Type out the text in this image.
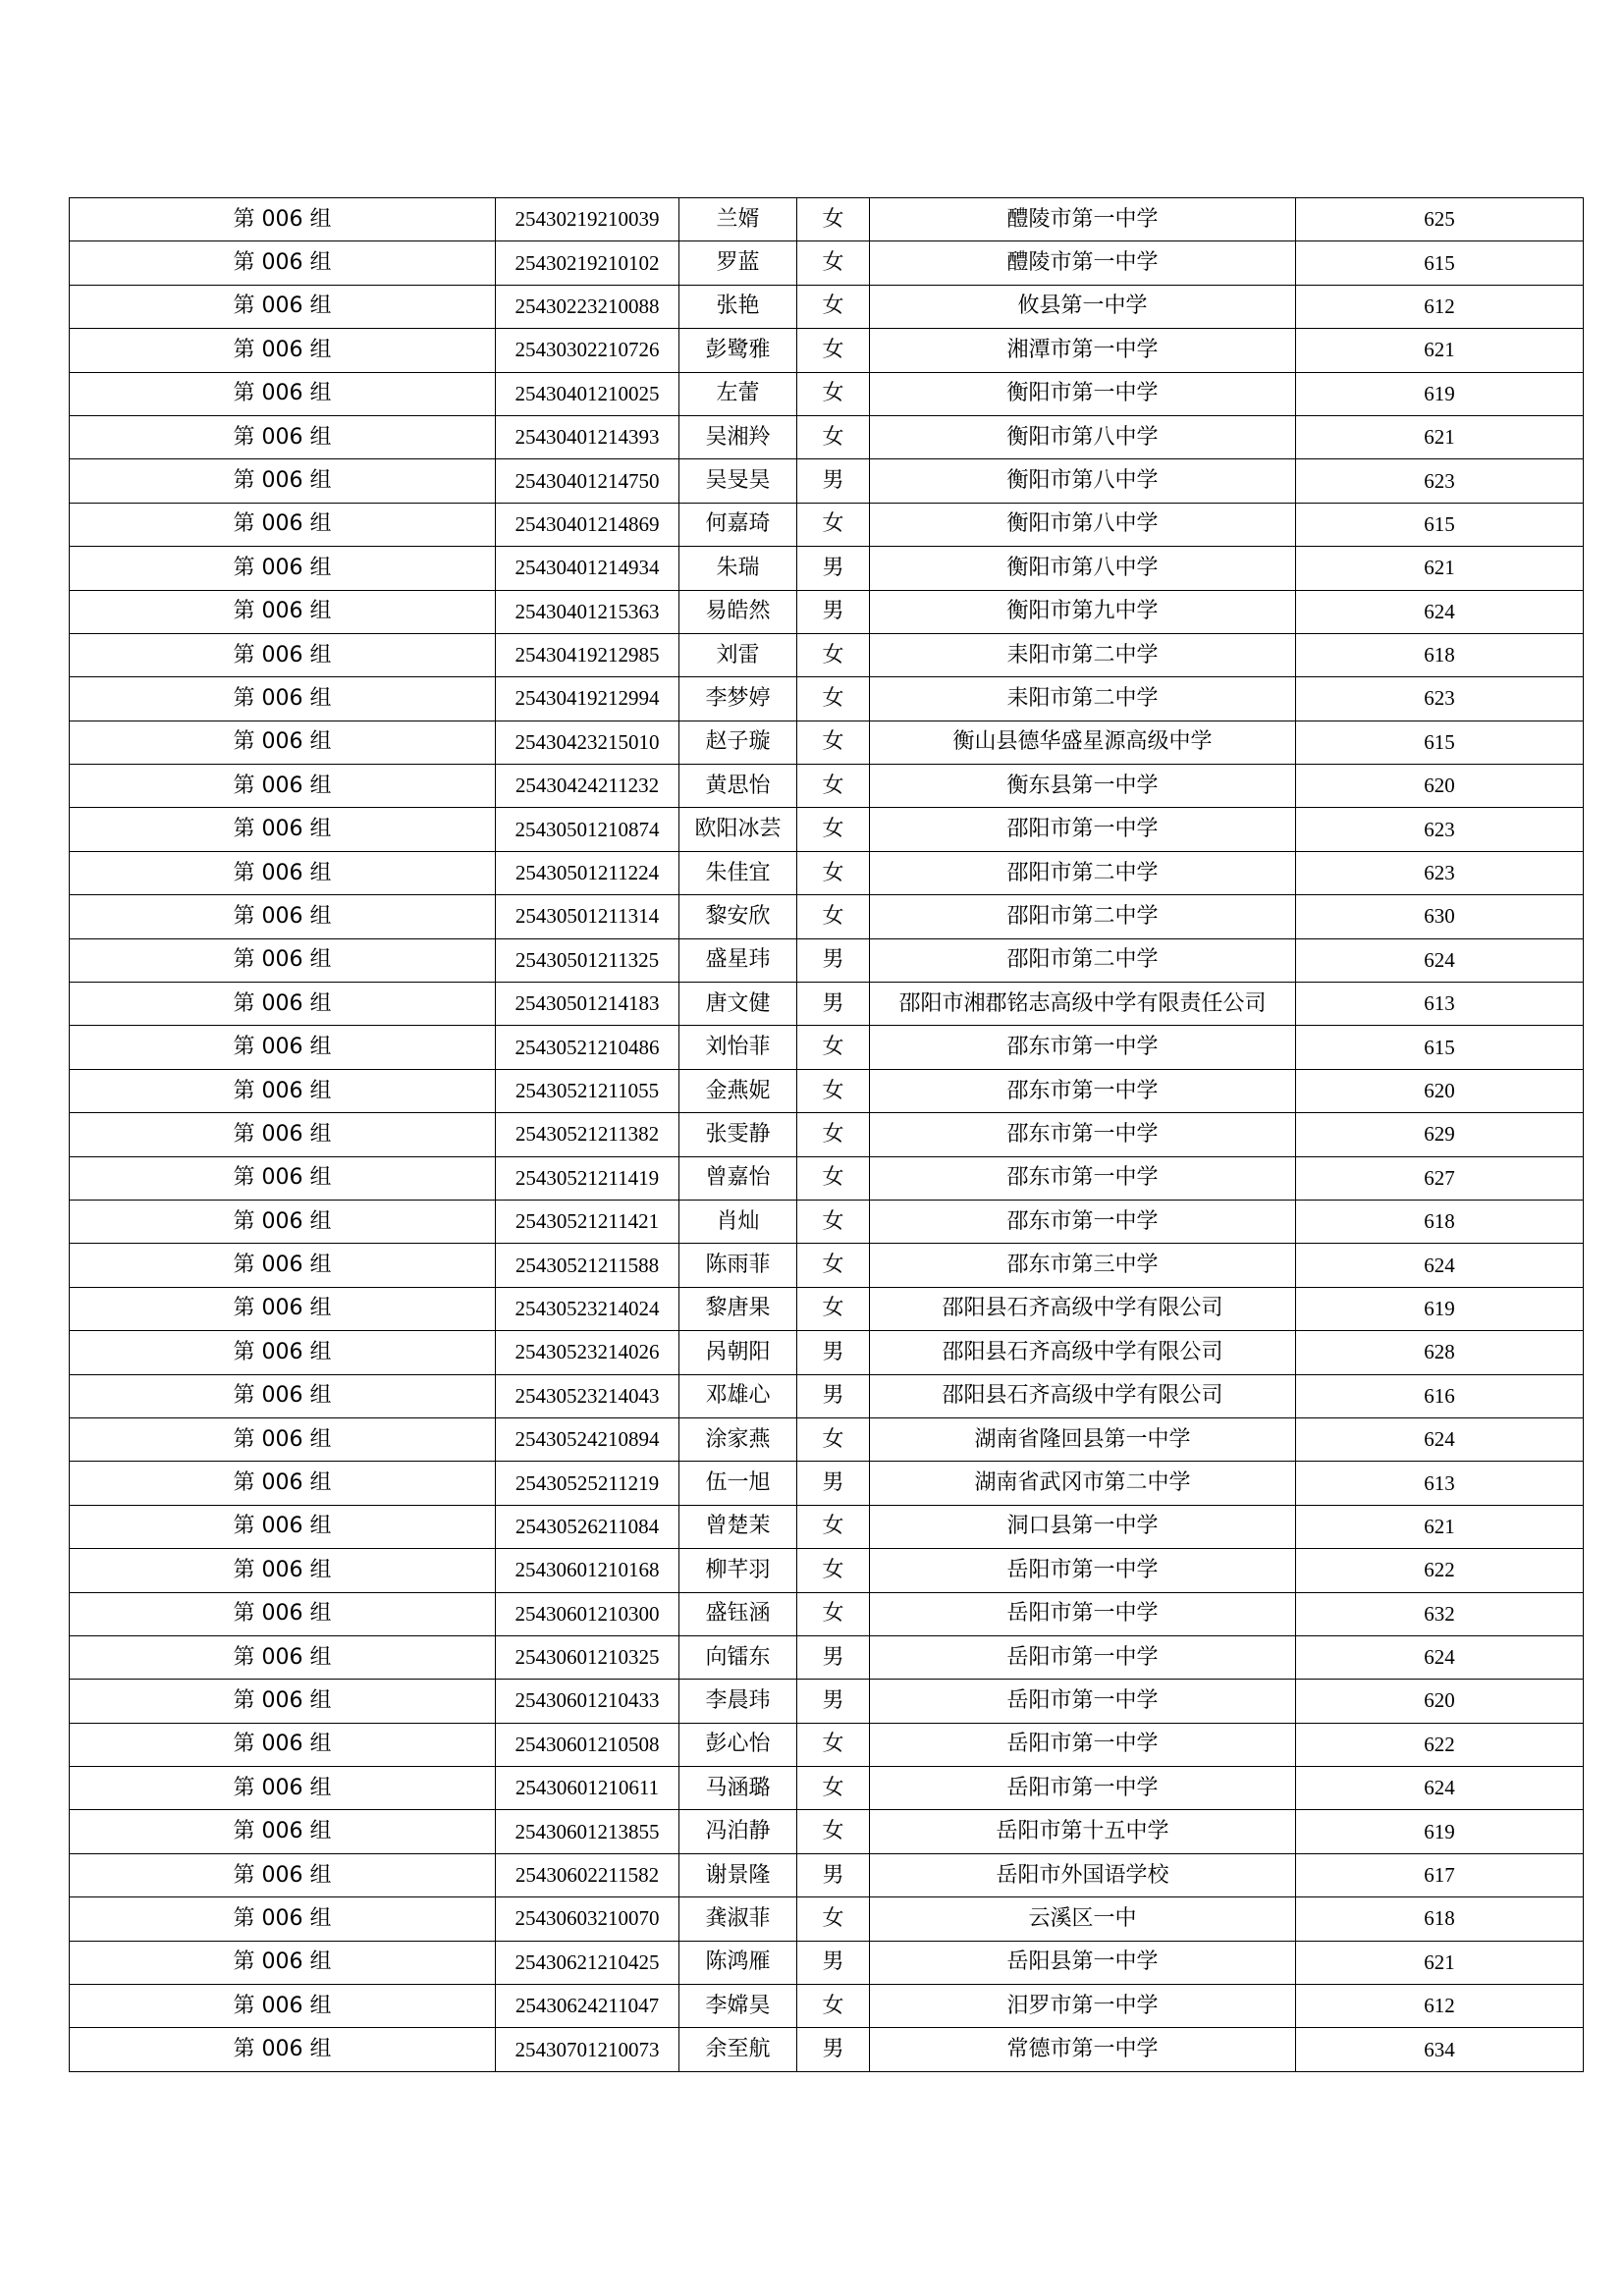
第 006 组	25430219210039	兰婿	女	醴陵市第一中学	625
第 006 组	25430219210102	罗蓝	女	醴陵市第一中学	615
第 006 组	25430223210088	张艳	女	攸县第一中学	612
第 006 组	25430302210726	彭鹭雅	女	湘潭市第一中学	621
第 006 组	25430401210025	左蕾	女	衡阳市第一中学	619
第 006 组	25430401214393	吴湘羚	女	衡阳市第八中学	621
第 006 组	25430401214750	吴旻昊	男	衡阳市第八中学	623
第 006 组	25430401214869	何嘉琦	女	衡阳市第八中学	615
第 006 组	25430401214934	朱瑞	男	衡阳市第八中学	621
第 006 组	25430401215363	易皓然	男	衡阳市第九中学	624
第 006 组	25430419212985	刘雷	女	耒阳市第二中学	618
第 006 组	25430419212994	李梦婷	女	耒阳市第二中学	623
第 006 组	25430423215010	赵子璇	女	衡山县德华盛星源高级中学	615
第 006 组	25430424211232	黄思怡	女	衡东县第一中学	620
第 006 组	25430501210874	欧阳冰芸	女	邵阳市第一中学	623
第 006 组	25430501211224	朱佳宜	女	邵阳市第二中学	623
第 006 组	25430501211314	黎安欣	女	邵阳市第二中学	630
第 006 组	25430501211325	盛星玮	男	邵阳市第二中学	624
第 006 组	25430501214183	唐文健	男	邵阳市湘郡铭志高级中学有限责任公司	613
第 006 组	25430521210486	刘怡菲	女	邵东市第一中学	615
第 006 组	25430521211055	金燕妮	女	邵东市第一中学	620
第 006 组	25430521211382	张雯静	女	邵东市第一中学	629
第 006 组	25430521211419	曾嘉怡	女	邵东市第一中学	627
第 006 组	25430521211421	肖灿	女	邵东市第一中学	618
第 006 组	25430521211588	陈雨菲	女	邵东市第三中学	624
第 006 组	25430523214024	黎唐果	女	邵阳县石齐高级中学有限公司	619
第 006 组	25430523214026	呙朝阳	男	邵阳县石齐高级中学有限公司	628
第 006 组	25430523214043	邓雄心	男	邵阳县石齐高级中学有限公司	616
第 006 组	25430524210894	涂家燕	女	湖南省隆回县第一中学	624
第 006 组	25430525211219	伍一旭	男	湖南省武冈市第二中学	613
第 006 组	25430526211084	曾楚茉	女	洞口县第一中学	621
第 006 组	25430601210168	柳芊羽	女	岳阳市第一中学	622
第 006 组	25430601210300	盛钰涵	女	岳阳市第一中学	632
第 006 组	25430601210325	向镭东	男	岳阳市第一中学	624
第 006 组	25430601210433	李晨玮	男	岳阳市第一中学	620
第 006 组	25430601210508	彭心怡	女	岳阳市第一中学	622
第 006 组	25430601210611	马涵璐	女	岳阳市第一中学	624
第 006 组	25430601213855	冯泊静	女	岳阳市第十五中学	619
第 006 组	25430602211582	谢景隆	男	岳阳市外国语学校	617
第 006 组	25430603210070	龚淑菲	女	云溪区一中	618
第 006 组	25430621210425	陈鸿雁	男	岳阳县第一中学	621
第 006 组	25430624211047	李嫦昊	女	汨罗市第一中学	612
第 006 组	25430701210073	余至航	男	常德市第一中学	634
